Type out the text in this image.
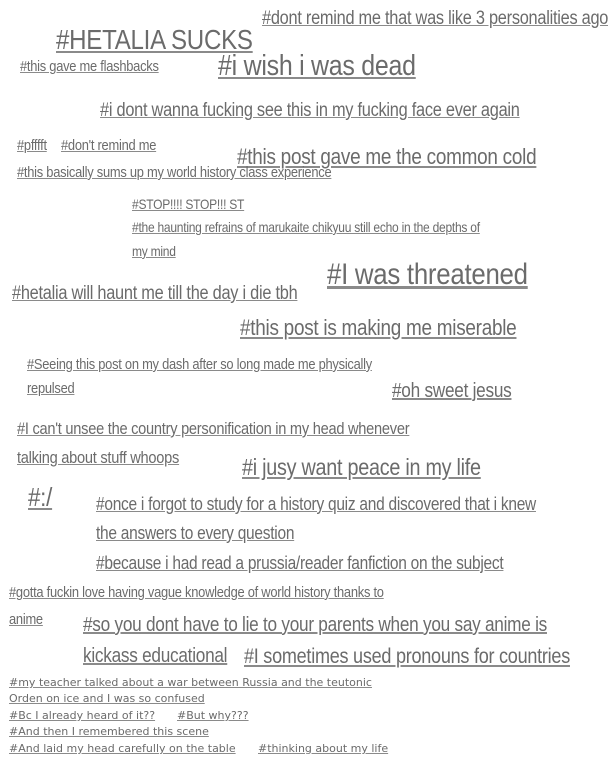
#dont remind me that was like 3 personalities ago
#HETALIA SUCKS
#this gave me flashbacks #i wish i was dead
#i dont wanna fucking see this in my fucking face ever again
#pfffft #don't remind me	#this post gave me the common cold
#this basically sums up my world history class experience
#STOP!!!! STOP!!! ST
#the haunting refrains of marukaite chikyuu still echo in the depths of
my mind
#I was threatened
#hetalia will haunt me till the day i die tbh
#this post is making me miserable
#Seeing this post on my dash after so long made me physically
repulsed	#oh sweet jesus
#I can't unsee the country personification in my head whenever
talking about stuff whoops	#i jusy want peace in my life
#:/ #once i forgot to study for a history quiz and discovered that i knew
the answers to every question
#because i had read a prussia/reader fanfiction on the subject
#gotta fuckin love having vague knowledge of world history thanks to
anime #so you dont have to lie to your parents when you say anime is
kickass educational #I sometimes used pronouns for countries
#my teacher talked about a war between Russia and the teutonic
Orden on ice and I was so confused
#Bc I already heard of it?? #But why???
#And then I remembered this scene
#And laid my head carefully on the table #thinking about my life
